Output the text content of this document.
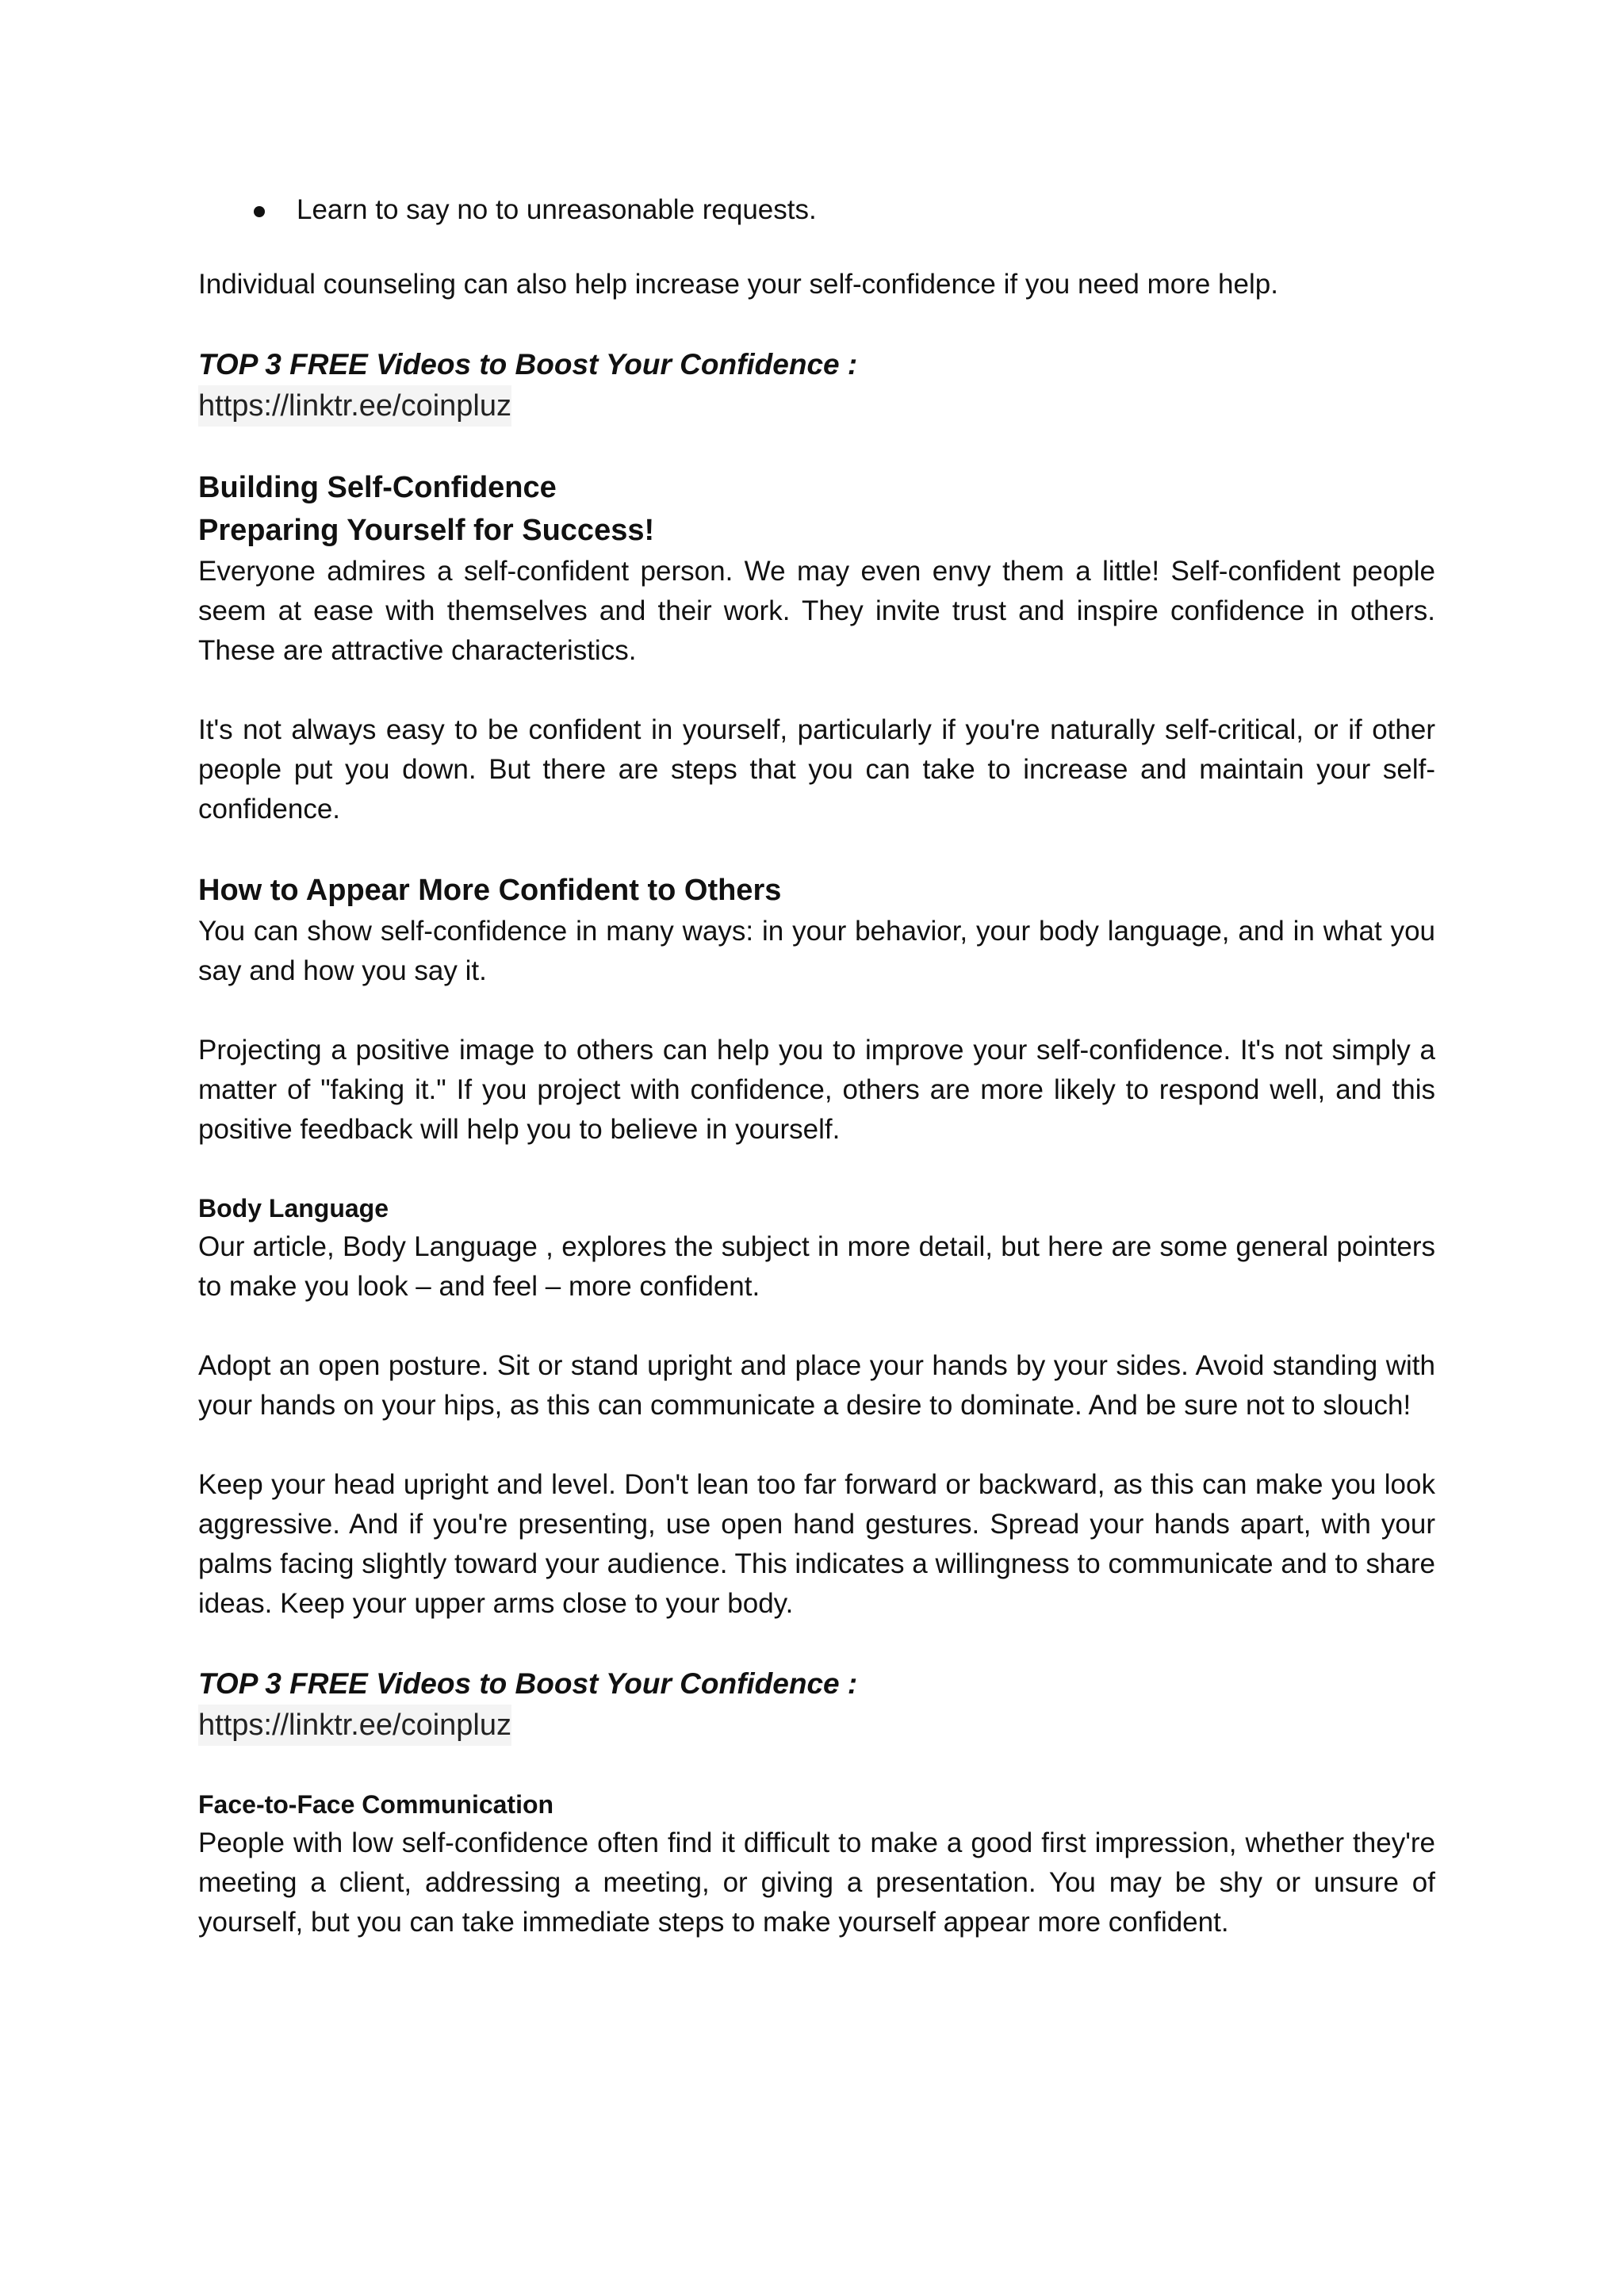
Learn to say no to unreasonable requests.

Individual counseling can also help increase your self-confidence if you need more help.

TOP 3 FREE Videos to Boost Your Confidence :

https://linktr.ee/coinpluz

Building Self-Confidence

Preparing Yourself for Success!

Everyone admires a self-confident person. We may even envy them a little! Self-confident people seem at ease with themselves and their work. They invite trust and inspire confidence in others. These are attractive characteristics.

It's not always easy to be confident in yourself, particularly if you're naturally self-critical, or if other people put you down. But there are steps that you can take to increase and maintain your self-confidence.

How to Appear More Confident to Others

You can show self-confidence in many ways: in your behavior, your body language, and in what you say and how you say it.

Projecting a positive image to others can help you to improve your self-confidence. It's not simply a matter of "faking it." If you project with confidence, others are more likely to respond well, and this positive feedback will help you to believe in yourself.

Body Language

Our article, Body Language , explores the subject in more detail, but here are some general pointers to make you look – and feel – more confident.

Adopt an open posture. Sit or stand upright and place your hands by your sides. Avoid standing with your hands on your hips, as this can communicate a desire to dominate. And be sure not to slouch!

Keep your head upright and level. Don't lean too far forward or backward, as this can make you look aggressive. And if you're presenting, use open hand gestures. Spread your hands apart, with your palms facing slightly toward your audience. This indicates a willingness to communicate and to share ideas. Keep your upper arms close to your body.

TOP 3 FREE Videos to Boost Your Confidence :

https://linktr.ee/coinpluz

Face-to-Face Communication

People with low self-confidence often find it difficult to make a good first impression, whether they're meeting a client, addressing a meeting, or giving a presentation. You may be shy or unsure of yourself, but you can take immediate steps to make yourself appear more confident.
